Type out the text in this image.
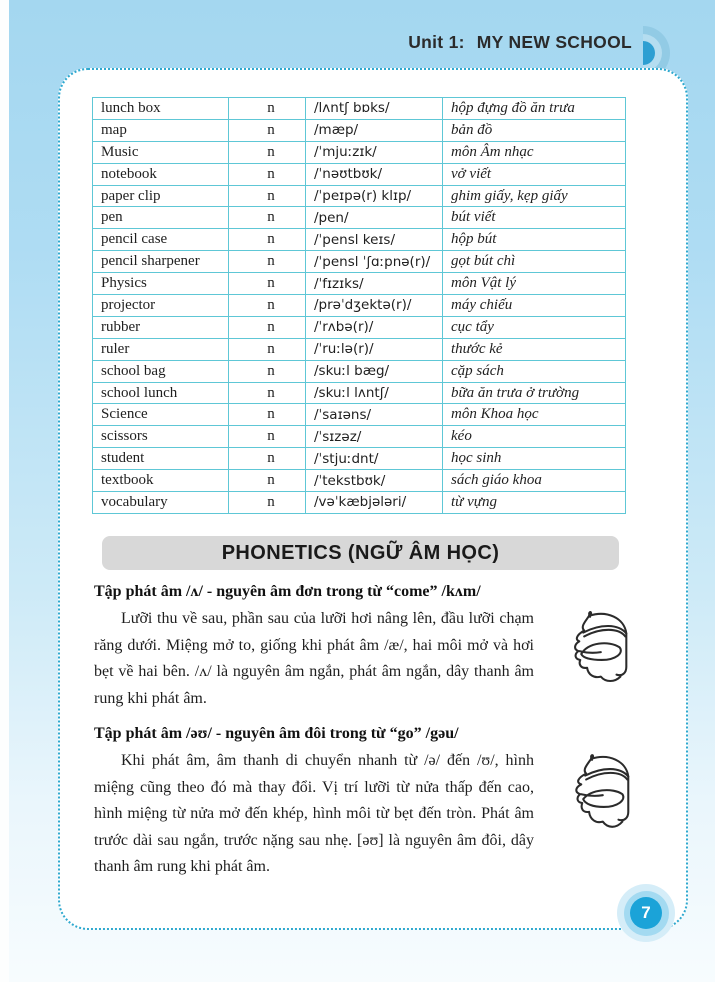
Unit 1: MY NEW SCHOOL
lunch box	n	/lʌntʃ bɒks/	hộp đựng đồ ăn trưa
map	n	/mæp/	bản đồ
Music	n	/ˈmjuːzɪk/	môn Âm nhạc
notebook	n	/ˈnəʊtbʊk/	vở viết
paper clip	n	/ˈpeɪpə(r) klɪp/	ghim giấy, kẹp giấy
pen	n	/pen/	bút viết
pencil case	n	/ˈpensl keɪs/	hộp bút
pencil sharpener	n	/ˈpensl ˈʃɑːpnə(r)/	gọt bút chì
Physics	n	/ˈfɪzɪks/	môn Vật lý
projector	n	/prəˈdʒektə(r)/	máy chiếu
rubber	n	/ˈrʌbə(r)/	cục tẩy
ruler	n	/ˈruːlə(r)/	thước kẻ
school bag	n	/skuːl bæg/	cặp sách
school lunch	n	/skuːl lʌntʃ/	bữa ăn trưa ở trường
Science	n	/ˈsaɪəns/	môn Khoa học
scissors	n	/ˈsɪzəz/	kéo
student	n	/ˈstjuːdnt/	học sinh
textbook	n	/ˈtekstbʊk/	sách giáo khoa
vocabulary	n	/vəˈkæbjələri/	từ vựng
PHONETICS (NGỮ ÂM HỌC)
Tập phát âm /ʌ/ - nguyên âm đơn trong từ “come” /kʌm/

Lưỡi thu về sau, phần sau của lưỡi hơi nâng lên, đầu lưỡi chạm răng dưới. Miệng mở to, giống khi phát âm /æ/, hai môi mở và hơi bẹt về hai bên. /ʌ/ là nguyên âm ngắn, phát âm ngắn, dây thanh âm rung khi phát âm.

Tập phát âm /əʊ/ - nguyên âm đôi trong từ “go” /gəu/

Khi phát âm, âm thanh di chuyển nhanh từ /ə/ đến /ʊ/, hình miệng cũng theo đó mà thay đổi. Vị trí lưỡi từ nửa thấp đến cao, hình miệng từ nửa mở đến khép, hình môi từ bẹt đến tròn. Phát âm trước dài sau ngắn, trước nặng sau nhẹ. [əʊ] là nguyên âm đôi, dây thanh âm rung khi phát âm.

7
